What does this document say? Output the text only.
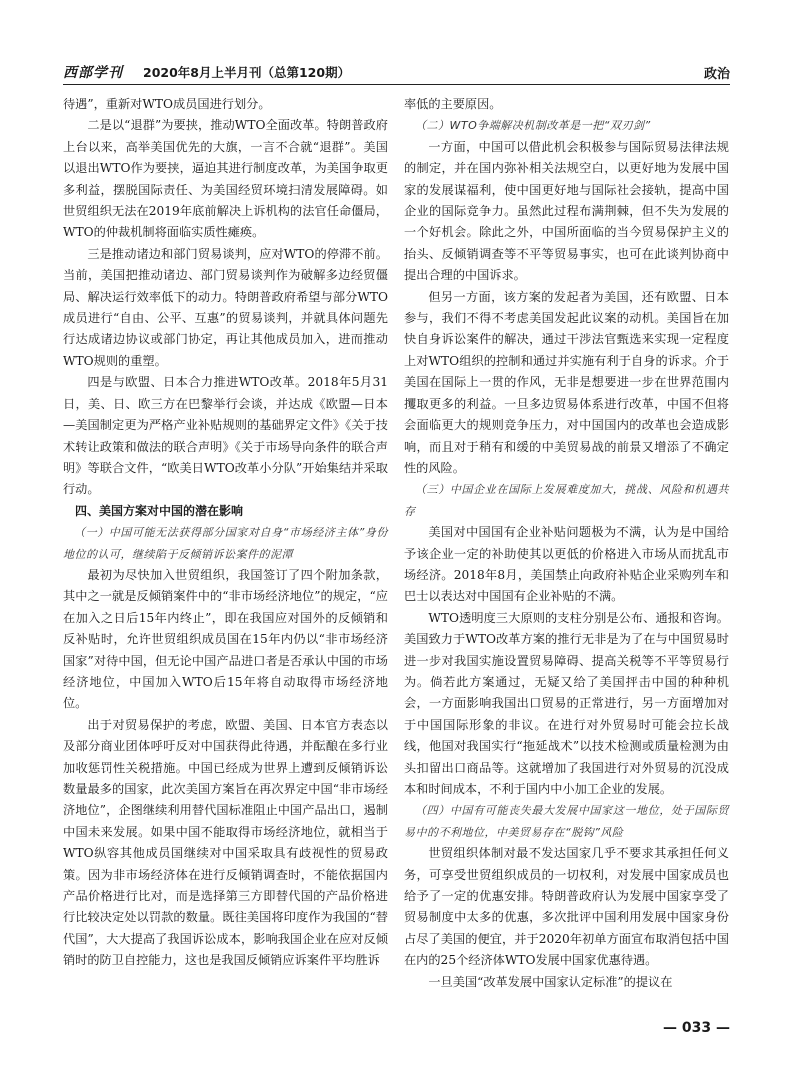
西部学刊 2020年8月上半月刊（总第120期）	政治

待遇”，重新对WTO成员国进行划分。

二是以“退群”为要挟，推动WTO全面改革。特朗普政府上台以来，高举美国优先的大旗，一言不合就“退群”。美国以退出WTO作为要挟，逼迫其进行制度改革，为美国争取更多利益，摆脱国际责任、为美国经贸环境扫清发展障碍。如世贸组织无法在2019年底前解决上诉机构的法官任命僵局，WTO的仲裁机制将面临实质性瘫痪。

三是推动诸边和部门贸易谈判，应对WTO的停滞不前。当前，美国把推动诸边、部门贸易谈判作为破解多边经贸僵局、解决运行效率低下的动力。特朗普政府希望与部分WTO成员进行“自由、公平、互惠”的贸易谈判，并就具体问题先行达成诸边协议或部门协定，再让其他成员加入，进而推动WTO规则的重塑。

四是与欧盟、日本合力推进WTO改革。2018年5月31日，美、日、欧三方在巴黎举行会谈，并达成《欧盟—日本—美国制定更为严格产业补贴规则的基础界定文件》《关于技术转让政策和做法的联合声明》《关于市场导向条件的联合声明》等联合文件，“欧美日WTO改革小分队”开始集结并采取行动。

四、美国方案对中国的潜在影响

（一）中国可能无法获得部分国家对自身“市场经济主体”身份地位的认可，继续陷于反倾销诉讼案件的泥潭

最初为尽快加入世贸组织，我国签订了四个附加条款，其中之一就是反倾销案件中的“非市场经济地位”的规定，“应在加入之日后15年内终止”，即在我国应对国外的反倾销和反补贴时，允许世贸组织成员国在15年内仍以“非市场经济国家”对待中国，但无论中国产品进口者是否承认中国的市场经济地位，中国加入WTO后15年将自动取得市场经济地位。

出于对贸易保护的考虑，欧盟、美国、日本官方表态以及部分商业团体呼吁反对中国获得此待遇，并酝酿在多行业加收惩罚性关税措施。中国已经成为世界上遭到反倾销诉讼数量最多的国家，此次美国方案旨在再次界定中国“非市场经济地位”，企图继续利用替代国标准阻止中国产品出口，遏制中国未来发展。如果中国不能取得市场经济地位，就相当于WTO纵容其他成员国继续对中国采取具有歧视性的贸易政策。因为非市场经济体在进行反倾销调查时，不能依据国内产品价格进行比对，而是选择第三方即替代国的产品价格进行比较决定处以罚款的数量。既往美国将印度作为我国的“替代国”，大大提高了我国诉讼成本，影响我国企业在应对反倾销时的防卫自控能力，这也是我国反倾销应诉案件平均胜诉

率低的主要原因。

（二）WTO争端解决机制改革是一把“双刃剑”

一方面，中国可以借此机会积极参与国际贸易法律法规的制定，并在国内弥补相关法规空白，以更好地为发展中国家的发展谋福利，使中国更好地与国际社会接轨，提高中国企业的国际竞争力。虽然此过程布满荆棘，但不失为发展的一个好机会。除此之外，中国所面临的当今贸易保护主义的抬头、反倾销调查等不平等贸易事实，也可在此谈判协商中提出合理的中国诉求。

但另一方面，该方案的发起者为美国，还有欧盟、日本参与，我们不得不考虑美国发起此议案的动机。美国旨在加快自身诉讼案件的解决，通过干涉法官甄选来实现一定程度上对WTO组织的控制和通过并实施有利于自身的诉求。介于美国在国际上一贯的作风，无非是想要进一步在世界范围内攫取更多的利益。一旦多边贸易体系进行改革，中国不但将会面临更大的规则竞争压力，对中国国内的改革也会造成影响，而且对于稍有和缓的中美贸易战的前景又增添了不确定性的风险。

（三）中国企业在国际上发展难度加大，挑战、风险和机遇共存

美国对中国国有企业补贴问题极为不满，认为是中国给予该企业一定的补助使其以更低的价格进入市场从而扰乱市场经济。2018年8月，美国禁止向政府补贴企业采购列车和巴士以表达对中国国有企业补贴的不满。

WTO透明度三大原则的支柱分别是公布、通报和咨询。美国致力于WTO改革方案的推行无非是为了在与中国贸易时进一步对我国实施设置贸易障碍、提高关税等不平等贸易行为。倘若此方案通过，无疑又给了美国抨击中国的种种机会，一方面影响我国出口贸易的正常进行，另一方面增加对于中国国际形象的非议。在进行对外贸易时可能会拉长战线，他国对我国实行“拖延战术”以技术检测或质量检测为由头扣留出口商品等。这就增加了我国进行对外贸易的沉没成本和时间成本，不利于国内中小加工企业的发展。

（四）中国有可能丧失最大发展中国家这一地位，处于国际贸易中的不利地位，中美贸易存在“脱钩”风险

世贸组织体制对最不发达国家几乎不要求其承担任何义务，可享受世贸组织成员的一切权利，对发展中国家成员也给予了一定的优惠安排。特朗普政府认为发展中国家享受了贸易制度中太多的优惠，多次批评中国利用发展中国家身份占尽了美国的便宜，并于2020年初单方面宣布取消包括中国在内的25个经济体WTO发展中国家优惠待遇。

一旦美国“改革发展中国家认定标准”的提议在

— 033 —
